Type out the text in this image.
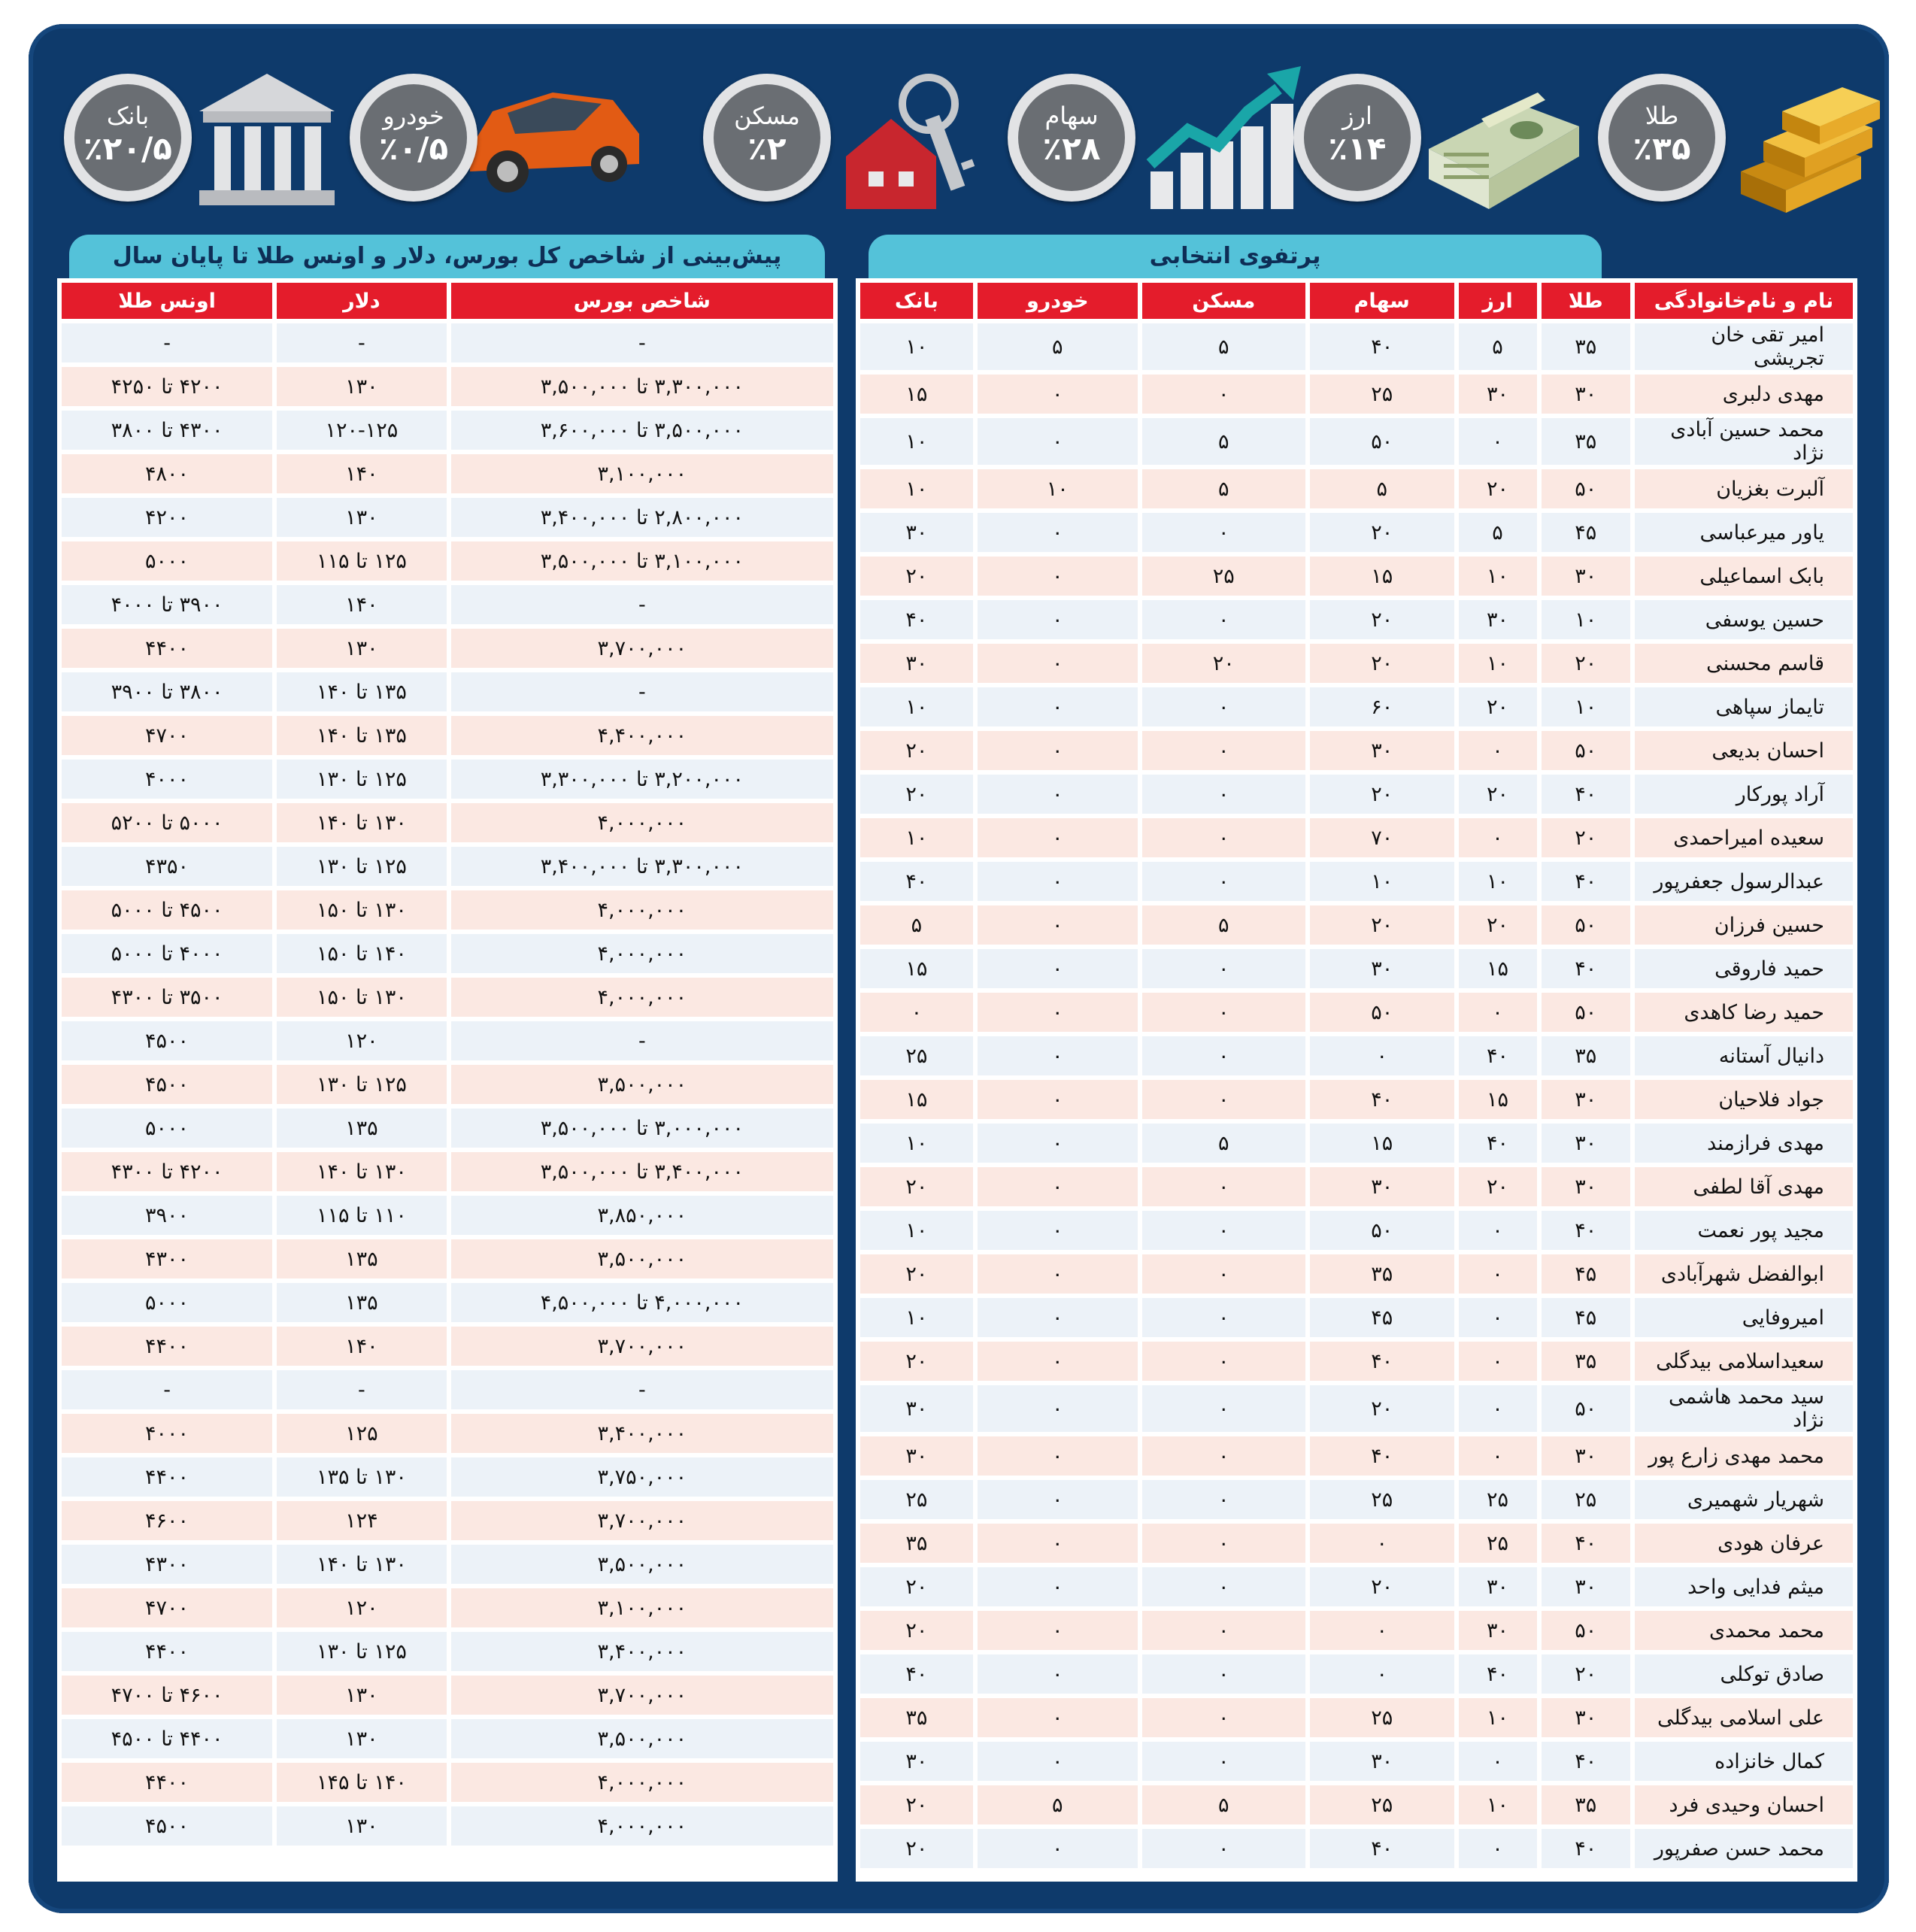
طلا
٪۳۵
ارز
٪۱۴
سهام
٪۲۸
مسکن
٪۲
خودرو
٪۰/۵
بانک
٪۲۰/۵
پرتفوی انتخابی
پیش‌بینی از شاخص کل بورس، دلار و اونس طلا تا پایان سال
نام و نام‌خانوادگی	طلا	ارز	سهام	مسکن	خودرو	بانک
امیر تقی خان تجریشی	۳۵	۵	۴۰	۵	۵	۱۰
مهدی دلبری	۳۰	۳۰	۲۵	۰	۰	۱۵
محمد حسین آبادی نژاد	۳۵	۰	۵۰	۵	۰	۱۰
آلبرت بغزیان	۵۰	۲۰	۵	۵	۱۰	۱۰
یاور میرعباسی	۴۵	۵	۲۰	۰	۰	۳۰
بابک اسماعیلی	۳۰	۱۰	۱۵	۲۵	۰	۲۰
حسین یوسفی	۱۰	۳۰	۲۰	۰	۰	۴۰
قاسم محسنی	۲۰	۱۰	۲۰	۲۰	۰	۳۰
تایماز سپاهی	۱۰	۲۰	۶۰	۰	۰	۱۰
احسان بدیعی	۵۰	۰	۳۰	۰	۰	۲۰
آراد پورکار	۴۰	۲۰	۲۰	۰	۰	۲۰
سعیده امیراحمدی	۲۰	۰	۷۰	۰	۰	۱۰
عبدالرسول جعفرپور	۴۰	۱۰	۱۰	۰	۰	۴۰
حسین فرزان	۵۰	۲۰	۲۰	۵	۰	۵
حمید فاروقی	۴۰	۱۵	۳۰	۰	۰	۱۵
حمید رضا کاهدی	۵۰	۰	۵۰	۰	۰	۰
دانیال آستانه	۳۵	۴۰	۰	۰	۰	۲۵
جواد فلاحیان	۳۰	۱۵	۴۰	۰	۰	۱۵
مهدی فرازمند	۳۰	۴۰	۱۵	۵	۰	۱۰
مهدی آقا لطفی	۳۰	۲۰	۳۰	۰	۰	۲۰
مجید پور نعمت	۴۰	۰	۵۰	۰	۰	۱۰
ابوالفضل شهرآبادی	۴۵	۰	۳۵	۰	۰	۲۰
امیروفایی	۴۵	۰	۴۵	۰	۰	۱۰
سعیداسلامی بیدگلی	۳۵	۰	۴۰	۰	۰	۲۰
سید محمد هاشمی نژاد	۵۰	۰	۲۰	۰	۰	۳۰
محمد مهدی زارع پور	۳۰	۰	۴۰	۰	۰	۳۰
شهریار شهمیری	۲۵	۲۵	۲۵	۰	۰	۲۵
عرفان هودی	۴۰	۲۵	۰	۰	۰	۳۵
میثم فدایی واحد	۳۰	۳۰	۲۰	۰	۰	۲۰
محمد محمدی	۵۰	۳۰	۰	۰	۰	۲۰
صادق توکلی	۲۰	۴۰	۰	۰	۰	۴۰
علی اسلامی بیدگلی	۳۰	۱۰	۲۵	۰	۰	۳۵
کمال خانزاده	۴۰	۰	۳۰	۰	۰	۳۰
احسان وحیدی فرد	۳۵	۱۰	۲۵	۵	۵	۲۰
محمد حسن صفرپور	۴۰	۰	۴۰	۰	۰	۲۰
شاخص بورس	دلار	اونس طلا
-	-	-
۳,۳۰۰,۰۰۰ تا ۳,۵۰۰,۰۰۰	۱۳۰	۴۲۰۰ تا ۴۲۵۰
۳,۵۰۰,۰۰۰ تا ۳,۶۰۰,۰۰۰	۱۲۰-۱۲۵	۴۳۰۰ تا ۳۸۰۰
۳,۱۰۰,۰۰۰	۱۴۰	۴۸۰۰
۲,۸۰۰,۰۰۰ تا ۳,۴۰۰,۰۰۰	۱۳۰	۴۲۰۰
۳,۱۰۰,۰۰۰ تا ۳,۵۰۰,۰۰۰	۱۲۵ تا ۱۱۵	۵۰۰۰
-	۱۴۰	۳۹۰۰ تا ۴۰۰۰
۳,۷۰۰,۰۰۰	۱۳۰	۴۴۰۰
-	۱۳۵ تا ۱۴۰	۳۸۰۰ تا ۳۹۰۰
۴,۴۰۰,۰۰۰	۱۳۵ تا ۱۴۰	۴۷۰۰
۳,۲۰۰,۰۰۰ تا ۳,۳۰۰,۰۰۰	۱۲۵ تا ۱۳۰	۴۰۰۰
۴,۰۰۰,۰۰۰	۱۳۰ تا ۱۴۰	۵۰۰۰ تا ۵۲۰۰
۳,۳۰۰,۰۰۰ تا ۳,۴۰۰,۰۰۰	۱۲۵ تا ۱۳۰	۴۳۵۰
۴,۰۰۰,۰۰۰	۱۳۰ تا ۱۵۰	۴۵۰۰ تا ۵۰۰۰
۴,۰۰۰,۰۰۰	۱۴۰ تا ۱۵۰	۴۰۰۰ تا ۵۰۰۰
۴,۰۰۰,۰۰۰	۱۳۰ تا ۱۵۰	۳۵۰۰ تا ۴۳۰۰
-	۱۲۰	۴۵۰۰
۳,۵۰۰,۰۰۰	۱۲۵ تا ۱۳۰	۴۵۰۰
۳,۰۰۰,۰۰۰ تا ۳,۵۰۰,۰۰۰	۱۳۵	۵۰۰۰
۳,۴۰۰,۰۰۰ تا ۳,۵۰۰,۰۰۰	۱۳۰ تا ۱۴۰	۴۲۰۰ تا ۴۳۰۰
۳,۸۵۰,۰۰۰	۱۱۰ تا ۱۱۵	۳۹۰۰
۳,۵۰۰,۰۰۰	۱۳۵	۴۳۰۰
۴,۰۰۰,۰۰۰ تا ۴,۵۰۰,۰۰۰	۱۳۵	۵۰۰۰
۳,۷۰۰,۰۰۰	۱۴۰	۴۴۰۰
-	-	-
۳,۴۰۰,۰۰۰	۱۲۵	۴۰۰۰
۳,۷۵۰,۰۰۰	۱۳۰ تا ۱۳۵	۴۴۰۰
۳,۷۰۰,۰۰۰	۱۲۴	۴۶۰۰
۳,۵۰۰,۰۰۰	۱۳۰ تا ۱۴۰	۴۳۰۰
۳,۱۰۰,۰۰۰	۱۲۰	۴۷۰۰
۳,۴۰۰,۰۰۰	۱۲۵ تا ۱۳۰	۴۴۰۰
۳,۷۰۰,۰۰۰	۱۳۰	۴۶۰۰ تا ۴۷۰۰
۳,۵۰۰,۰۰۰	۱۳۰	۴۴۰۰ تا ۴۵۰۰
۴,۰۰۰,۰۰۰	۱۴۰ تا ۱۴۵	۴۴۰۰
۴,۰۰۰,۰۰۰	۱۳۰	۴۵۰۰
